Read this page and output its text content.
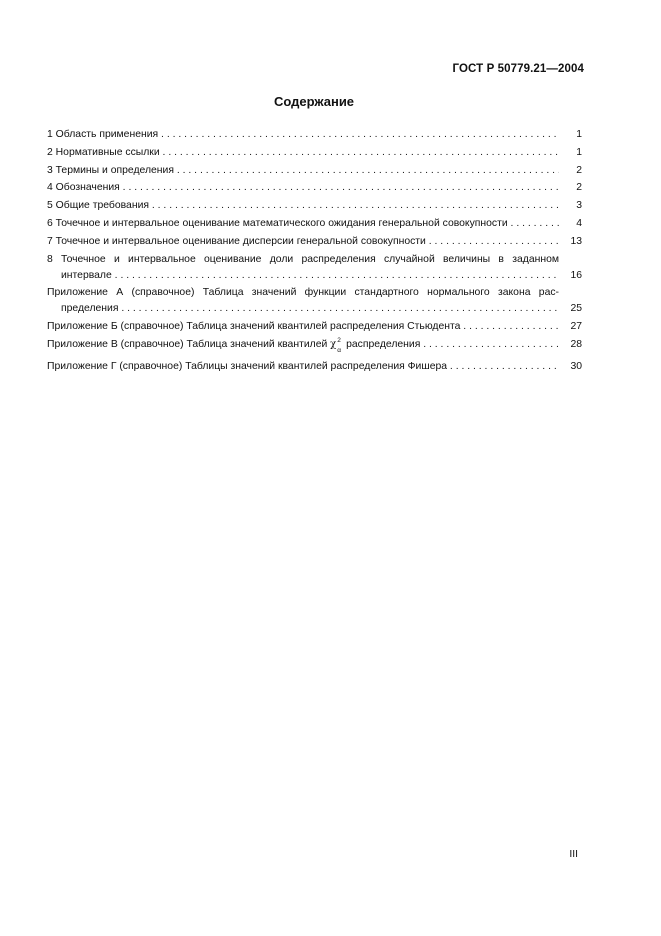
ГОСТ Р 50779.21—2004
Содержание
1 Область применения . . .	1
2 Нормативные ссылки . . .	1
3 Термины и определения . . .	2
4 Обозначения . . .	2
5 Общие требования . . .	3
6 Точечное и интервальное оценивание математического ожидания генеральной совокупности . . .	4
7 Точечное и интервальное оценивание дисперсии генеральной совокупности . . .	13
8 Точечное и интервальное оценивание доли распределения случайной величины в заданном
интервале . . .	16
Приложение А (справочное) Таблица значений функции стандартного нормального закона рас-
пределения . . .	25
Приложение Б (справочное) Таблица значений квантилей распределения Стьюдента . . .	27
Приложение В (справочное) Таблица значений квантилей χ 2
α
распределения . . .	28
Приложение Г (справочное) Таблицы значений квантилей распределения Фишера . . .	30
III
